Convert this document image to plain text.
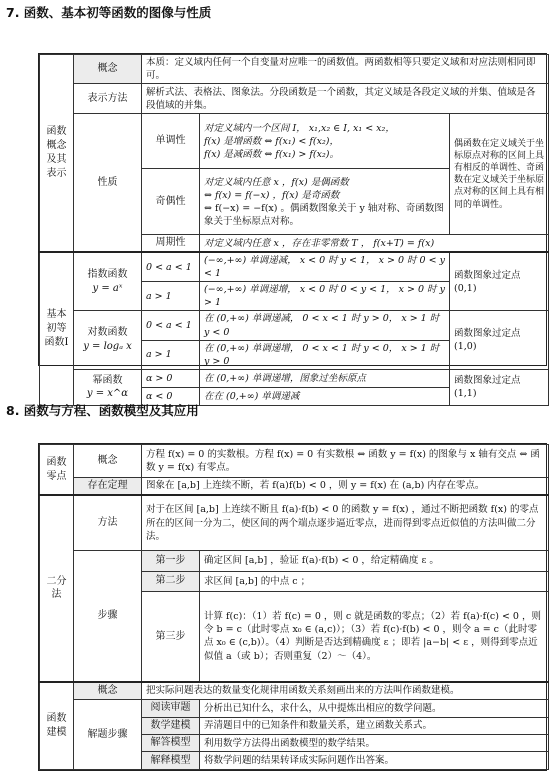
7. 函数、基本初等函数的图像与性质
函数概念及其表示	概念	本质：定义域内任何一个自变量对应唯一的函数值。两函数相等只要定义域和对应法则相同即可。		
	表示方法	解析式法、表格法、图象法。分段函数是一个函数，其定义域是各段定义域的并集、值域是各段值域的并集。		
	性质	单调性	对定义域内一个区间 I， x₁,x₂ ∈ I, x₁ < x₂，
f(x) 是增函数 ⇔ f(x₁) < f(x₂)，
f(x) 是减函数 ⇔ f(x₁) > f(x₂)。	偶函数在定义域关于坐标原点对称的区间上具有相反的单调性、奇函数在定义域关于坐标原点对称的区间上具有相同的单调性。
		奇偶性	对定义域内任意 x ，f(x) 是偶函数
⇔ f(x) = f(−x) ，f(x) 是奇函数
⇔ f(−x) = −f(x) 。偶函数图象关于 y 轴对称、奇函数图象关于坐标原点对称。	

		周期性	对定义域内任意 x ，存在非零常数 T ， f(x+T) = f(x)	
基本初等函数Ⅰ	指数函数
y = aˣ	0 < a < 1	(−∞,+∞) 单调递减， x < 0 时 y < 1， x > 0 时 0 < y < 1	函数图象过定点 (0,1)
		a > 1	(−∞,+∞) 单调递增， x < 0 时 0 < y < 1， x > 0 时 y > 1	

	对数函数
y = logₐ x	0 < a < 1	在 (0,+∞) 单调递减， 0 < x < 1 时 y > 0， x > 1 时 y < 0	函数图象过定点 (1,0)
		a > 1	在 (0,+∞) 单调递增， 0 < x < 1 时 y < 0， x > 1 时 y > 0	

	幂函数
y = x^α	α > 0	在 (0,+∞) 单调递增，图象过坐标原点	函数图象过定点 (1,1)
		α < 0	在在 (0,+∞) 单调递减	
8. 函数与方程、函数模型及其应用
函数零点	概念	方程 f(x) = 0 的实数根。方程 f(x) = 0 有实数根 ⇔ 函数 y = f(x) 的图象与 x 轴有交点 ⇔ 函数 y = f(x) 有零点。	
	存在定理	图象在 [a,b] 上连续不断，若 f(a)f(b) < 0 ，则 y = f(x) 在 (a,b) 内存在零点。	
二分法	方法	对于在区间 [a,b] 上连续不断且 f(a)·f(b) < 0 的函数 y = f(x) ，通过不断把函数 f(x) 的零点所在的区间一分为二，使区间的两个端点逐步逼近零点，进而得到零点近似值的方法叫做二分法。	
	步骤	第一步	确定区间 [a,b] ，验证 f(a)·f(b) < 0 ，给定精确度 ε 。
		第二步	求区间 [a,b] 的中点 c ；
		第三步	计算 f(c)：（1）若 f(c) = 0 ，则 c 就是函数的零点；（2）若 f(a)·f(c) < 0 ，则令 b = c（此时零点 x₀ ∈ (a,c)）；（3）若 f(c)·f(b) < 0 ，则令 a = c（此时零点 x₀ ∈ (c,b)）。（4）判断是否达到精确度 ε ；即若 |a−b| < ε ，则得到零点近似值 a（或 b）；否则重复（2）～（4）。
函数建模	概念	把实际问题表达的数量变化规律用函数关系刻画出来的方法叫作函数建模。	
	解题步骤	阅读审题	分析出已知什么，求什么，从中提炼出相应的数学问题。
		数学建模	弄清题目中的已知条件和数量关系，建立函数关系式。
		解答模型	利用数学方法得出函数模型的数学结果。
		解释模型	将数学问题的结果转译成实际问题作出答案。
